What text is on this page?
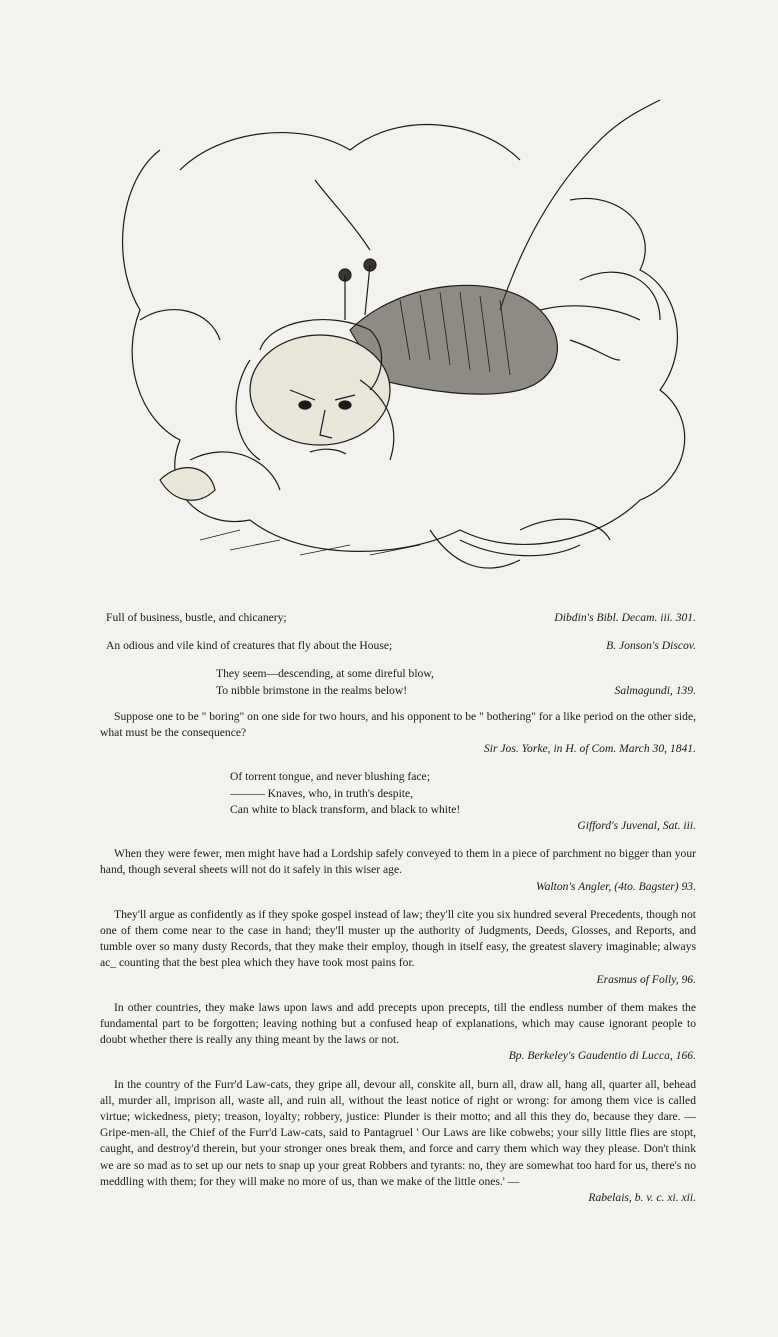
Full of business, bustle, and chicanery;	Dibdin's Bibl. Decam. iii. 301.
An odious and vile kind of creatures that fly about the House;	B. Jonson's Discov.
They seem—descending, at some direful blow,
To nibble brimstone in the realms below!	Salmagundi, 139.

Suppose one to be " boring" on one side for two hours, and his opponent to be " bothering" for a like period on the other side, what must be the consequence?

Sir Jos. Yorke, in H. of Com. March 30, 1841.
Of torrent tongue, and never blushing face;
——— Knaves, who, in truth's despite,
Can white to black transform, and black to white!
Gifford's Juvenal, Sat. iii.

When they were fewer, men might have had a Lordship safely conveyed to them in a piece of parchment no bigger than your hand, though several sheets will not do it safely in this wiser age.

Walton's Angler, (4to. Bagster) 93.

They'll argue as confidently as if they spoke gospel instead of law; they'll cite you six hundred several Precedents, though not one of them come near to the case in hand; they'll muster up the authority of Judgments, Deeds, Glosses, and Reports, and tumble over so many dusty Records, that they make their employ, though in itself easy, the greatest slavery imaginable; always ac_ counting that the best plea which they have took most pains for.

Erasmus of Folly, 96.

In other countries, they make laws upon laws and add precepts upon precepts, till the endless number of them makes the fundamental part to be forgotten; leaving nothing but a confused heap of explanations, which may cause ignorant people to doubt whether there is really any thing meant by the laws or not.

Bp. Berkeley's Gaudentio di Lucca, 166.

In the country of the Furr'd Law-cats, they gripe all, devour all, conskite all, burn all, draw all, hang all, quarter all, behead all, murder all, imprison all, waste all, and ruin all, without the least notice of right or wrong: for among them vice is called virtue; wickedness, piety; treason, loyalty; robbery, justice: Plunder is their motto; and all this they do, because they dare. —Gripe-men-all, the Chief of the Furr'd Law-cats, said to Pantagruel ' Our Laws are like cobwebs; your silly little flies are stopt, caught, and destroy'd therein, but your stronger ones break them, and force and carry them which way they please. Don't think we are so mad as to set up our nets to snap up your great Robbers and tyrants: no, they are somewhat too hard for us, there's no meddling with them; for they will make no more of us, than we make of the little ones.' —

Rabelais, b. v. c. xi. xii.
